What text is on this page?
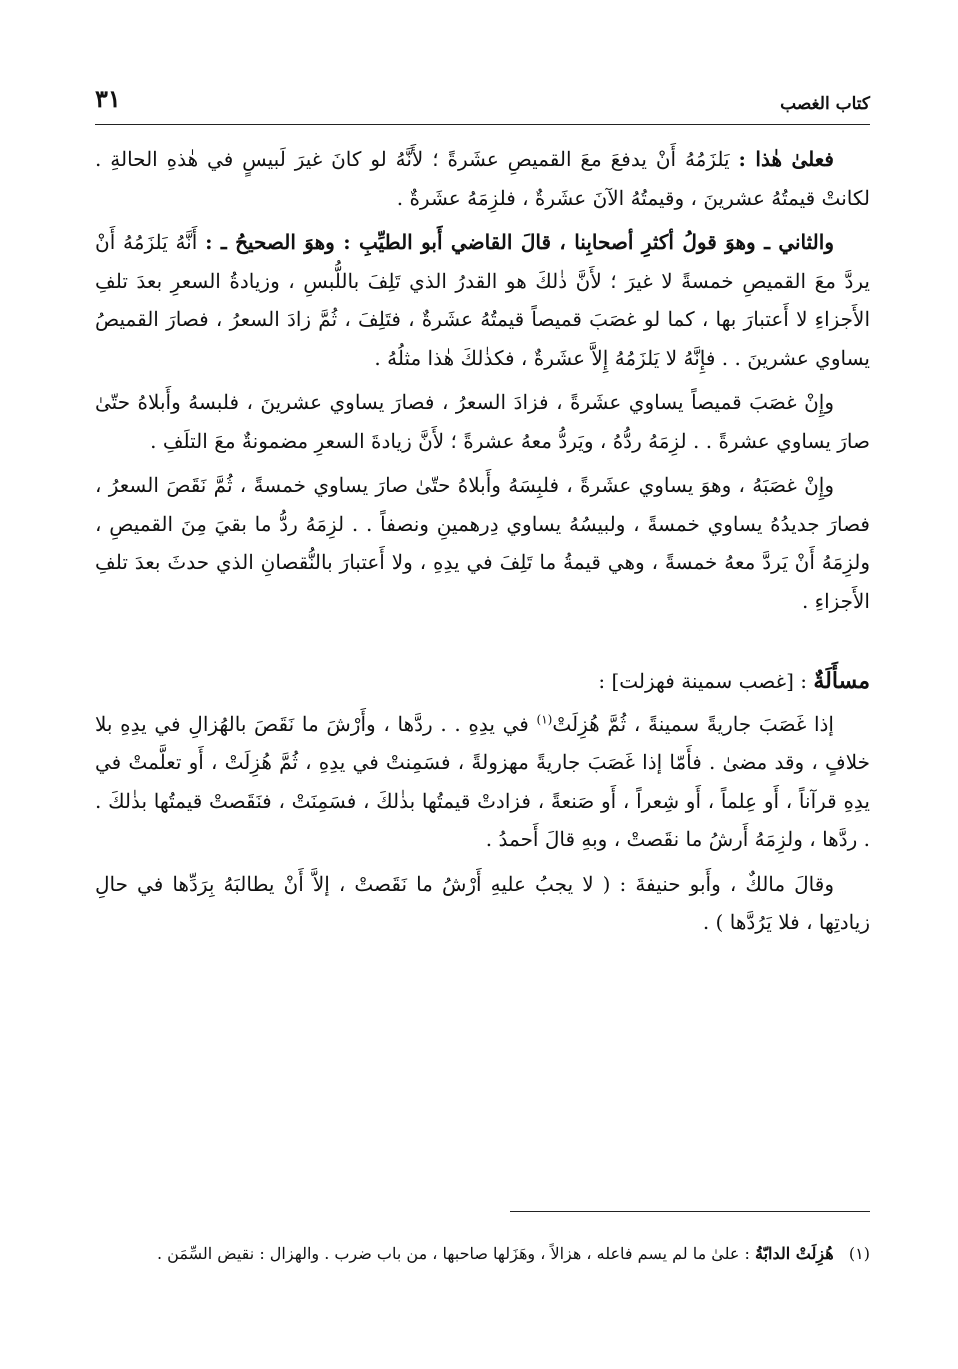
كتاب الغصب
٣١

فعلىٰ هٰذا : يَلزَمُهُ أَنْ يدفعَ معَ القميصِ عشَرةً ؛ لأَنَّهُ لو كانَ غيرَ لَبيسٍ في هٰذهِ الحالةِ . لكانتْ قيمتُهُ عشرينَ ، وقيمتُهُ الآنَ عشَرةٌ ، فلزِمَهُ عشَرةٌ .

والثاني ـ وهوَ قولُ أكثرِ أصحابِنا ، قالَ القاضي أَبو الطيِّبِ : وهوَ الصحيحُ ـ : أَنَّهُ يَلزَمُهُ أَنْ يردَّ معَ القميصِ خمسةً لا غيرَ ؛ لأَنَّ ذٰلكَ هو القدرُ الذي تَلِفَ باللُّبسِ ، وزيادةُ السعرِ بعدَ تلفِ الأَجزاءِ لا أَعتبارَ بها ، كما لو غصَبَ قميصاً قيمتُهُ عشَرةٌ ، فتَلِفَ ، ثُمَّ زادَ السعرُ ، فصارَ القميصُ يساوي عشرينَ . . فإِنَّهُ لا يَلزَمُهُ إِلاَّ عشَرةٌ ، فكذٰلكَ هٰذا مثلُهُ .

وإِنْ غصَبَ قميصاً يساوي عشَرةً ، فزادَ السعرُ ، فصارَ يساوي عشرينَ ، فلبسهُ وأَبلاهُ حتّىٰ صارَ يساوي عشرةً . . لزِمَهُ ردُّهُ ، ويَردُّ معهُ عشرةً ؛ لأَنَّ زيادةَ السعرِ مضمونةٌ معَ التلَفِ .

وإِنْ غصَبَهُ ، وهوَ يساوي عشَرةً ، فلبِسَهُ وأَبلاهُ حتّىٰ صارَ يساوي خمسةً ، ثُمَّ نَقَصَ السعرُ ، فصارَ جديدُهُ يساوي خمسةً ، ولبيسُهُ يساوي دِرهمينِ ونصفاً . . لزِمَهُ ردُّ ما بقيَ مِنَ القميصِ ، ولزِمَهُ أَنْ يَردَّ معهُ خمسةً ، وهي قيمةُ ما تَلِفَ في يدِهِ ، ولا أَعتبارَ بالنُّقصانِ الذي حدثَ بعدَ تلفِ الأَجزاءِ .

مسأَلَةٌ : [غصب سمينة فهزلت] :

إذا غَصَبَ جاريةً سمينةً ، ثُمَّ هُزِلَتْ$^{(١)}$ في يدِهِ . . ردَّها ، وأَرْشَ ما نَقَصَ بالهُزالِ في يدِهِ بلا خلافٍ ، وقد مضىٰ . فأَمّا إذا غَصَبَ جاريةً مهزولةً ، فسَمِنتْ في يدِهِ ، ثُمَّ هُزِلَتْ ، أَو تعلَّمتْ في يدِهِ قرآناً ، أَو عِلماً ، أَو شِعراً ، أَو صَنعةً ، فزادتْ قيمتُها بذٰلكَ ، فسَمِنَتْ ، فنَقَصتْ قيمتُها بذٰلكَ . . ردَّها ، ولزِمَهُ أَرشُ ما نقَصتْ ، وبهِ قالَ أَحمدُ .

وقالَ مالكٌ ، وأَبو حنيفةَ : ( لا يجبُ عليهِ أَرْشُ ما نَقَصتْ ، إلاَّ أَنْ يطالبَهُ بِرَدِّها في حالِ زيادتِها ، فلا يَرُدَّها ) .

(١)   هُزِلَتْ الدابّةُ : علىٰ ما لم يسم فاعله ، هزالاً ، وهَزَلها صاحبها ، من باب ضرب . والهزال : نقيض السِّمَن .
